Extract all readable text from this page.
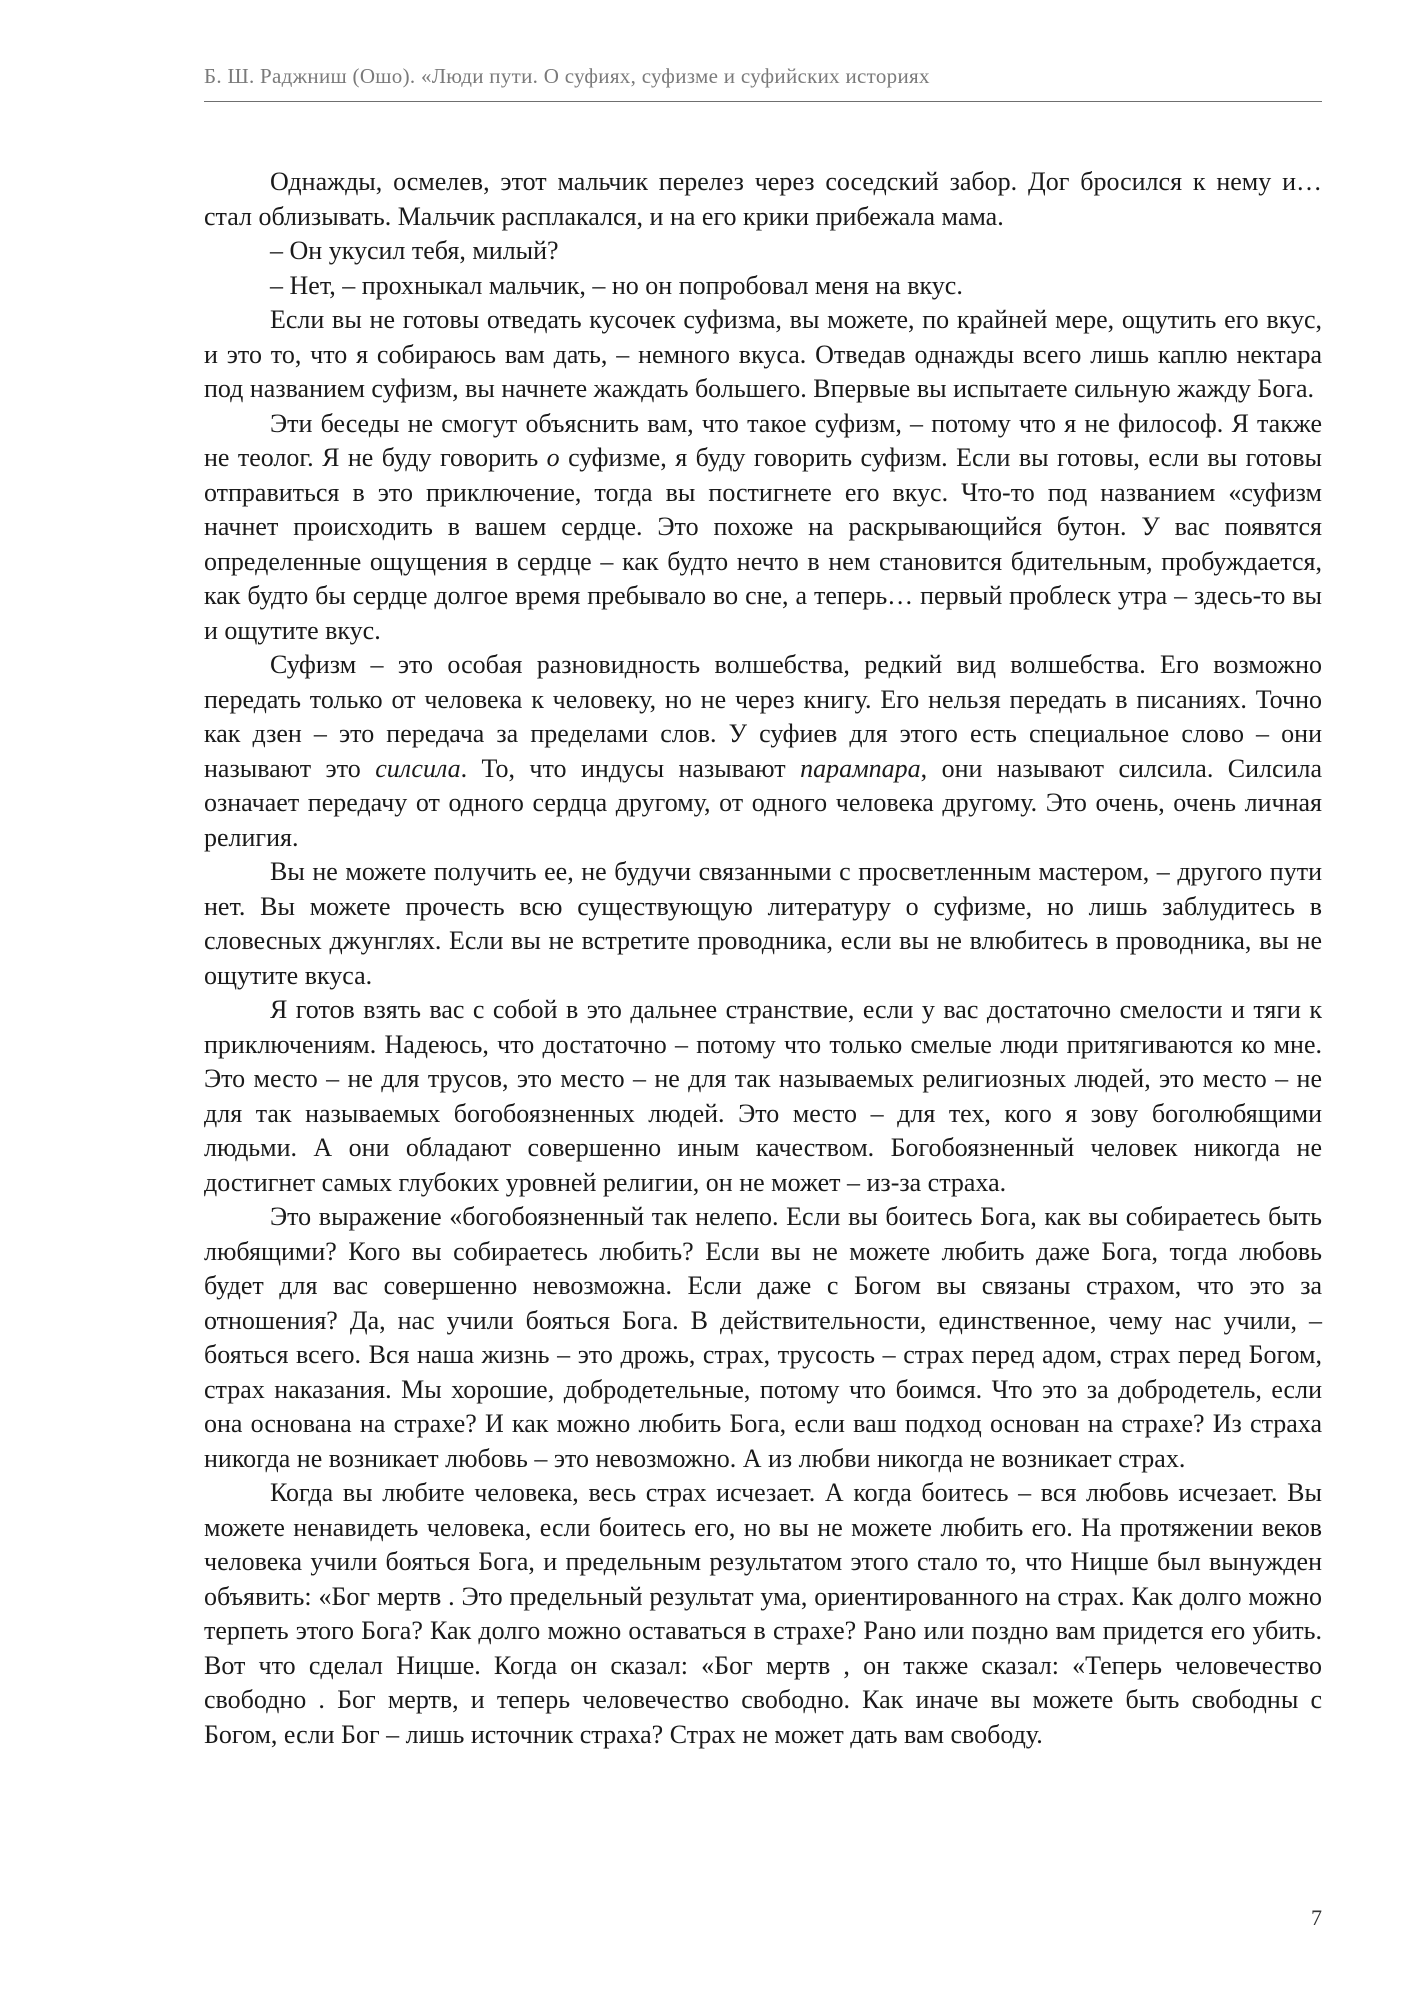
Б. Ш. Раджниш (Ошо). «Люди пути. О суфиях, суфизме и суфийских историях

Однажды, осмелев, этот мальчик перелез через соседский забор. Дог бросился к нему и… стал облизывать. Мальчик расплакался, и на его крики прибежала мама.

– Он укусил тебя, милый?

– Нет, – прохныкал мальчик, – но он попробовал меня на вкус.

Если вы не готовы отведать кусочек суфизма, вы можете, по крайней мере, ощутить его вкус, и это то, что я собираюсь вам дать, – немного вкуса. Отведав однажды всего лишь каплю нектара под названием суфизм, вы начнете жаждать большего. Впервые вы испытаете сильную жажду Бога.

Эти беседы не смогут объяснить вам, что такое суфизм, – потому что я не философ. Я также не теолог. Я не буду говорить о суфизме, я буду говорить суфизм. Если вы готовы, если вы готовы отправиться в это приключение, тогда вы постигнете его вкус. Что-то под названием «суфизм начнет происходить в вашем сердце. Это похоже на раскрывающийся бутон. У вас появятся определенные ощущения в сердце – как будто нечто в нем становится бдительным, пробуждается, как будто бы сердце долгое время пребывало во сне, а теперь… первый проблеск утра – здесь-то вы и ощутите вкус.

Суфизм – это особая разновидность волшебства, редкий вид волшебства. Его возможно передать только от человека к человеку, но не через книгу. Его нельзя передать в писаниях. Точно как дзен – это передача за пределами слов. У суфиев для этого есть специальное слово – они называют это силсила. То, что индусы называют парампара, они называют силсила. Силсила означает передачу от одного сердца другому, от одного человека другому. Это очень, очень личная религия.

Вы не можете получить ее, не будучи связанными с просветленным мастером, – другого пути нет. Вы можете прочесть всю существующую литературу о суфизме, но лишь заблудитесь в словесных джунглях. Если вы не встретите проводника, если вы не влюбитесь в проводника, вы не ощутите вкуса.

Я готов взять вас с собой в это дальнее странствие, если у вас достаточно смелости и тяги к приключениям. Надеюсь, что достаточно – потому что только смелые люди притягиваются ко мне. Это место – не для трусов, это место – не для так называемых религиозных людей, это место – не для так называемых богобоязненных людей. Это место – для тех, кого я зову боголюбящими людьми. А они обладают совершенно иным качеством. Богобоязненный человек никогда не достигнет самых глубоких уровней религии, он не может – из-за страха.

Это выражение «богобоязненный так нелепо. Если вы боитесь Бога, как вы собираетесь быть любящими? Кого вы собираетесь любить? Если вы не можете любить даже Бога, тогда любовь будет для вас совершенно невозможна. Если даже с Богом вы связаны страхом, что это за отношения? Да, нас учили бояться Бога. В действительности, единственное, чему нас учили, – бояться всего. Вся наша жизнь – это дрожь, страх, трусость – страх перед адом, страх перед Богом, страх наказания. Мы хорошие, добродетельные, потому что боимся. Что это за добродетель, если она основана на страхе? И как можно любить Бога, если ваш подход основан на страхе? Из страха никогда не возникает любовь – это невозможно. А из любви никогда не возникает страх.

Когда вы любите человека, весь страх исчезает. А когда боитесь – вся любовь исчезает. Вы можете ненавидеть человека, если боитесь его, но вы не можете любить его. На протяжении веков человека учили бояться Бога, и предельным результатом этого стало то, что Ницше был вынужден объявить: «Бог мертв . Это предельный результат ума, ориентированного на страх. Как долго можно терпеть этого Бога? Как долго можно оставаться в страхе? Рано или поздно вам придется его убить. Вот что сделал Ницше. Когда он сказал: «Бог мертв , он также сказал: «Теперь человечество свободно . Бог мертв, и теперь человечество свободно. Как иначе вы можете быть свободны с Богом, если Бог – лишь источник страха? Страх не может дать вам свободу.

7
